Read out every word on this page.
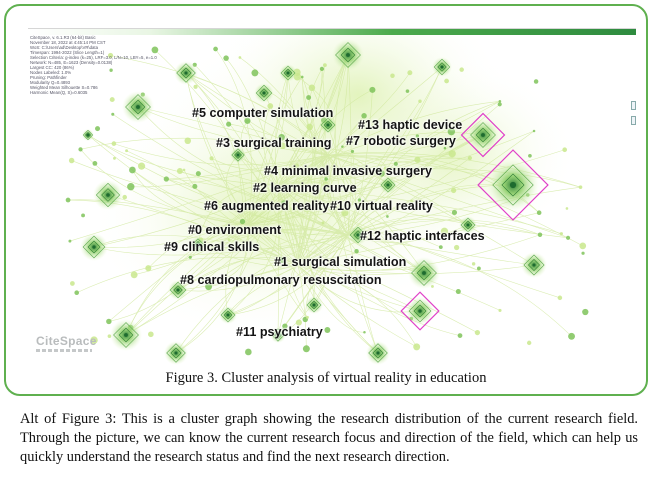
CiteSpace, v. 6.1.R3 (64-bit) Basic
November 18, 2022 at 4:45:14 PM CST
WoS: C:\Users\ad\Desktop\VR\data
Timespan: 1994-2022 (Slice Length=1)
Selection Criteria: g-index (k=25), LRF=3.0, L/N=10, LBY=5, e=1.0
Network: N=485, E=1623 (Density=0.0138)
Largest CC: 420 (86%)
Nodes Labeled: 1.0%
Pruning: Pathfinder
Modularity Q=0.4893
Weighted Mean Silhouette S=0.786
Harmonic Mean(Q, S)=0.6035
#5 computer simulation
#13 haptic device
#3 surgical training #7 robotic surgery
#4 minimal invasive surgery
#2 learning curve
#6 augmented reality #10 virtual reality
#0 environment	#12 haptic interfaces
#9 clinical skills
#1 surgical simulation
#8 cardiopulmonary resuscitation
#11 psychiatry
CiteSpace
Figure 3. Cluster analysis of virtual reality in education
Alt of Figure 3: This is a cluster graph showing the research distribution of the current research field. Through the picture, we can know the current research focus and direction of the field, which can help us quickly understand the research status and find the next research direction.
